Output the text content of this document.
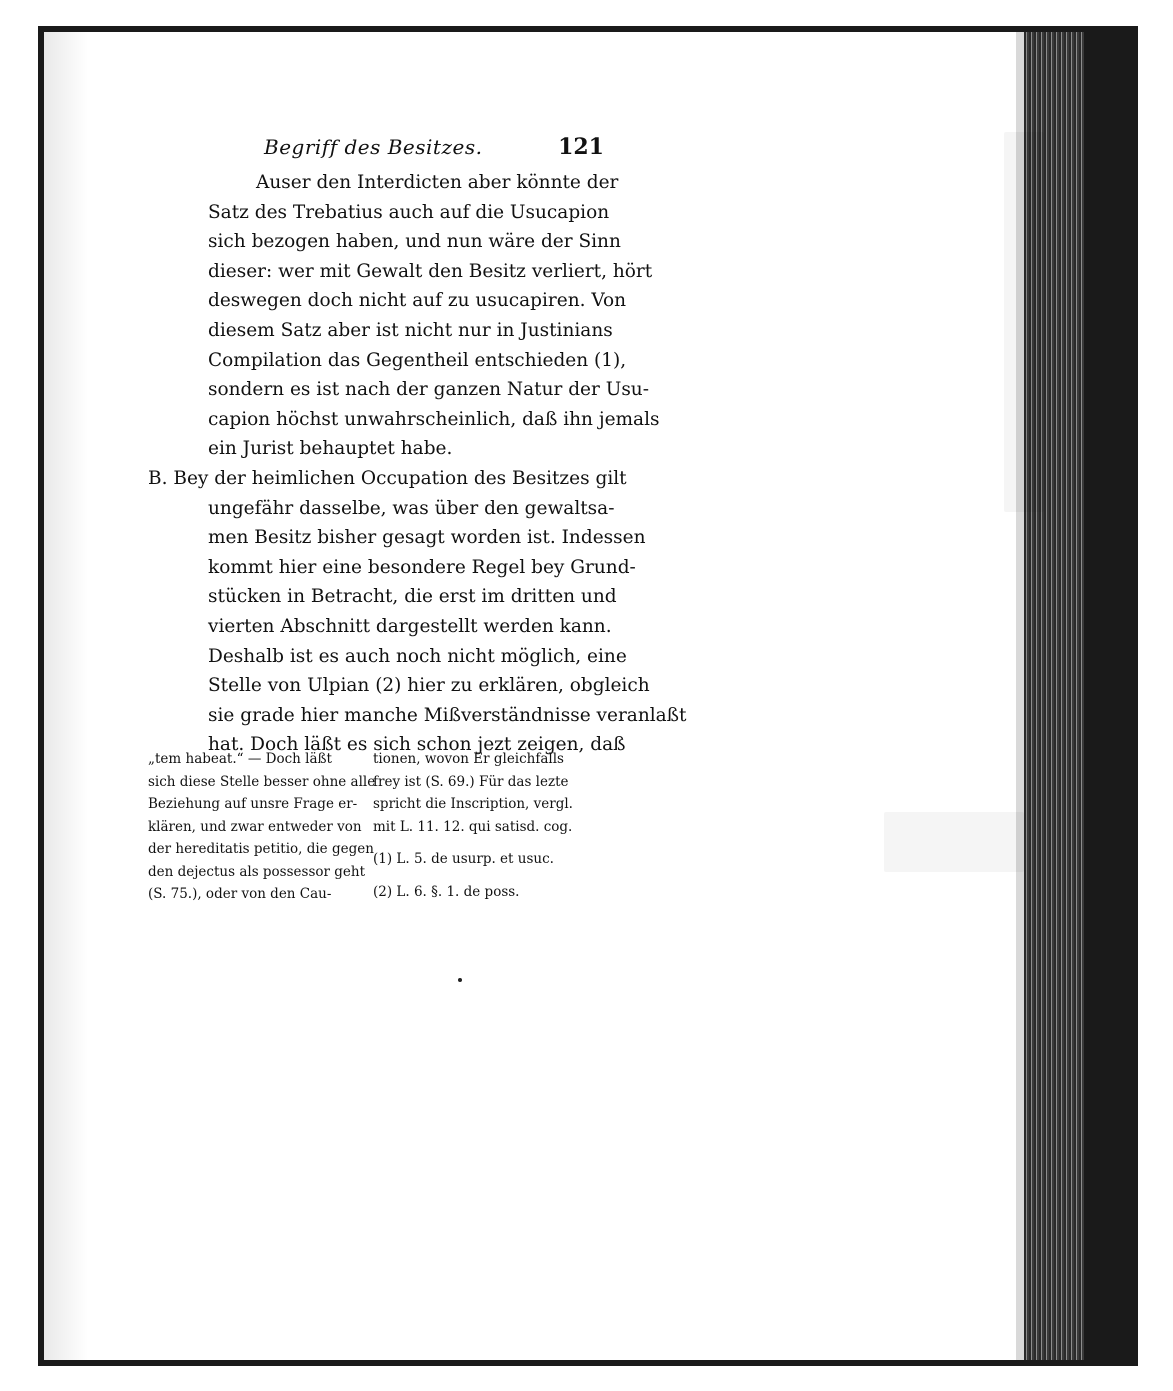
Begriff des Besitzes.	121
Auser den Interdicten aber könnte der
Satz des Trebatius auch auf die Usucapion
sich bezogen haben, und nun wäre der Sinn
dieser: wer mit Gewalt den Besitz verliert, hört
deswegen doch nicht auf zu usucapiren. Von
diesem Satz aber ist nicht nur in Justinians
Compilation das Gegentheil entschieden (1),
sondern es ist nach der ganzen Natur der Usu-
capion höchst unwahrscheinlich, daß ihn jemals
ein Jurist behauptet habe.
B. Bey der heimlichen Occupation des Besitzes gilt
ungefähr dasselbe, was über den gewaltsa-
men Besitz bisher gesagt worden ist. Indessen
kommt hier eine besondere Regel bey Grund-
stücken in Betracht, die erst im dritten und
vierten Abschnitt dargestellt werden kann.
Deshalb ist es auch noch nicht möglich, eine
Stelle von Ulpian (2) hier zu erklären, obgleich
sie grade hier manche Mißverständnisse veranlaßt
hat. Doch läßt es sich schon jezt zeigen, daß
„tem habeat.“ — Doch läßt
sich diese Stelle besser ohne alle
Beziehung auf unsre Frage er-
klären, und zwar entweder von
der hereditatis petitio, die gegen
den dejectus als possessor geht
(S. 75.), oder von den Cau-
tionen, wovon Er gleichfalls
frey ist (S. 69.) Für das lezte
spricht die Inscription, vergl.
mit L. 11. 12. qui satisd. cog.
(1) L. 5. de usurp. et usuc.
(2) L. 6. §. 1. de poss.
